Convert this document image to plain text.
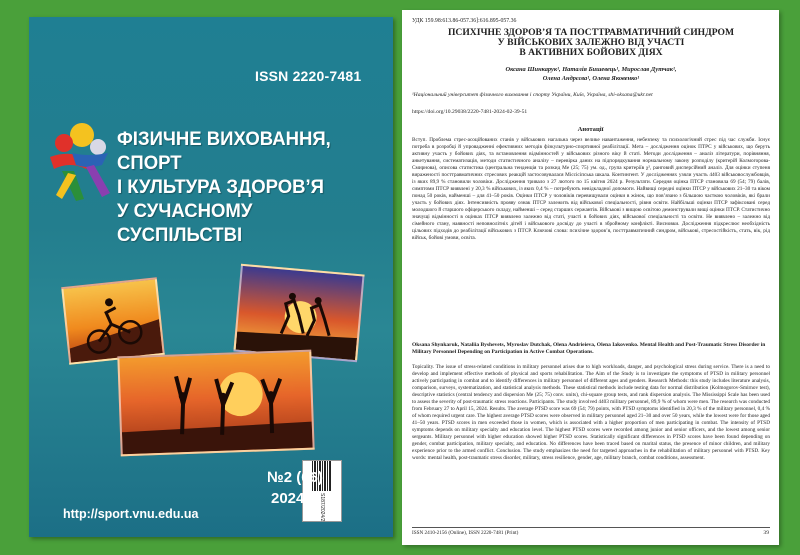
ISSN 2220-7481
ФІЗИЧНЕ ВИХОВАННЯ, СПОРТ
І КУЛЬТУРА ЗДОРОВ’Я
У СУЧАСНОМУ СУСПІЛЬСТВІ
S187/2024/2
№2 (66)
2024
http://sport.vnu.edu.ua
УДК 159.98:613.86-057.36]:616.895-057.36
ПСИХІЧНЕ ЗДОРОВ’Я ТА ПОСТТРАВМАТИЧНИЙ СИНДРОМ
У ВІЙСЬКОВИХ ЗАЛЕЖНО ВІД УЧАСТІ
В АКТИВНИХ БОЙОВИХ ДІЯХ
Оксана Шинкарук¹, Наталія Бишевець¹, Мирослав Дутчак¹,
Олена Андрєєва¹, Олена Яковенко¹
¹Національний університет фізичного виховання і спорту України, Київ, Україна, shi-oksana@ukr.net
https://doi.org/10.29038/2220-7481-2024-02-39-51
Анотації
Вступ. Проблема стрес-асоційованих станів у військових нагальна через велике навантаження, небезпеку та психологічний стрес під час служби. Існує потреба в розробці й упровадженні ефективних методів фізкультурно-спортивної реабілітації. Мета – дослідження оцінок ПТРС у військових, що беруть активну участь у бойових діях, та встановлення відмінностей у військових різного віку й статі. Методи дослідження – аналіз літератури, порівняння, анкетування, систематизація, методи статистичного аналізу – перевірка даних на підпорядкування нормальному закону розподілу (критерій Колмогорова-Смирнова), описова статистика (центральна тенденція та розкид Me (25; 75) ум. од., група критеріїв χ², ранговий дисперсійний аналіз. Для оцінки ступеня вираженості посттравматичних стресових реакцій застосовувалася Міссісіпська шкала. Контингент. У дослідженнях узяли участь 4403 військовослужбовців, із яких 89,9 % становили чоловіки. Дослідження тривало з 27 лютого по 15 квітня 2024 р. Результати. Середня оцінка ПТСР становила 69 (54; 79) балів, симптоми ПТСР виявлені у 20,3 % військових, із яких 0,4 % – потребують невідкладної допомоги. Найвищі середні оцінки ПТСР у військових 21–30 та віком понад 50 років, найменші – для 41–50 років. Оцінки ПТСР у чоловіків перевищували оцінки в жінок, що пов’язано з більшою часткою чоловіків, які брали участь у бойових діях. Інтенсивність прояву ознак ПТСР залежить від військової спеціальності, рівня освіти. Найбільші оцінки ПТСР зафіксовані серед молодшого й старшого офіцерського складу, найменші – серед старших сержантів. Військові з вищою освітою демонстрували вищі оцінки ПТСР. Статистично значущі відмінності в оцінках ПТСР виявлено залежно від статі, участі в бойових діях, військової спеціальності та освіти. Не виявлено – залежно від сімейного стану, наявності неповнолітніх дітей і військового досвіду до участі в збройному конфлікті. Висновки. Дослідження підкреслює необхідність цільових підходів до реабілітації військових з ПТСР. Ключові слова: психічне здоров’я, посттравматичний синдром, військові, стресостійкість, стать, вік, рід військ, бойові умови, освіта.
Oksana Shynkaruk, Nataliia Byshevets, Myroslav Dutchak, Olena Andrieieva, Olena Iakovenko. Mental Health and Post-Traumatic Stress Disorder in Military Personnel Depending on Participation in Active Combat Operations.
Topicality. The issue of stress-related conditions in military personnel arises due to high workloads, danger, and psychological stress during service. There is a need to develop and implement effective methods of physical and sports rehabilitation. The Aim of the Study is to investigate the symptoms of PTSD in military personnel actively participating in combat and to identify differences in military personnel of different ages and genders. Research Methods: this study includes literature analysis, comparison, surveys, systematization, and statistical analysis methods. These statistical methods include testing data for normal distribution (Kolmogorov-Smirnov test), descriptive statistics (central tendency and dispersion Me (25; 75) conv. units), chi-square group tests, and rank dispersion analysis. The Mississippi Scale has been used to assess the severity of post-traumatic stress reactions. Participants. The study involved 4403 military personnel, 89,9 % of whom were men. The research was conducted from February 27 to April 15, 2024. Results. The average PTSD score was 69 (54; 79) points, with PTSD symptoms identified in 20,3 % of the military personnel, 0,4 % of whom required urgent care. The highest average PTSD scores were observed in military personnel aged 21–30 and over 50 years, while the lowest were for those aged 41–50 years. PTSD scores in men exceeded those in women, which is associated with a higher proportion of men participating in combat. The intensity of PTSD symptoms depends on military specialty and education level. The highest PTSD scores were recorded among junior and senior officers, and the lowest among senior sergeants. Military personnel with higher education showed higher PTSD scores. Statistically significant differences in PTSD scores have been found depending on gender, combat participation, military specialty, and education. No differences have been traced based on marital status, the presence of minor children, and military experience prior to the armed conflict. Conclusion. The study emphasizes the need for targeted approaches in the rehabilitation of military personnel with PTSD. Key words: mental health, post-traumatic stress disorder, military, stress resilience, gender, age, military branch, combat conditions, assessment.
ISSN 2410-2156 (Online), ISSN 2220-7481 (Print)	39
